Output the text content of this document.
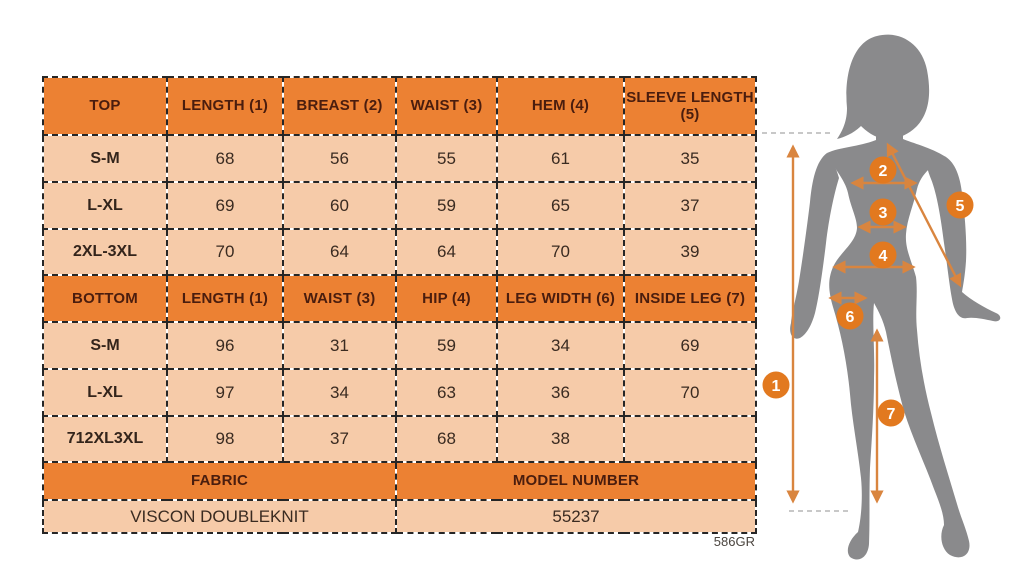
TOP	LENGTH (1)	BREAST (2)	WAIST (3)	HEM (4)	SLEEVE LENGTH (5)
S-M	68	56	55	61	35
L-XL	69	60	59	65	37
2XL-3XL	70	64	64	70	39
BOTTOM	LENGTH (1)	WAIST (3)	HIP (4)	LEG WIDTH (6)	INSIDE LEG (7)
S-M	96	31	59	34	69
L-XL	97	34	63	36	70
712XL3XL	98	37	68	38	
FABRIC			MODEL NUMBER		
VISCON DOUBLEKNIT			55237		
586GR
1
2
3
4
5
6
7
